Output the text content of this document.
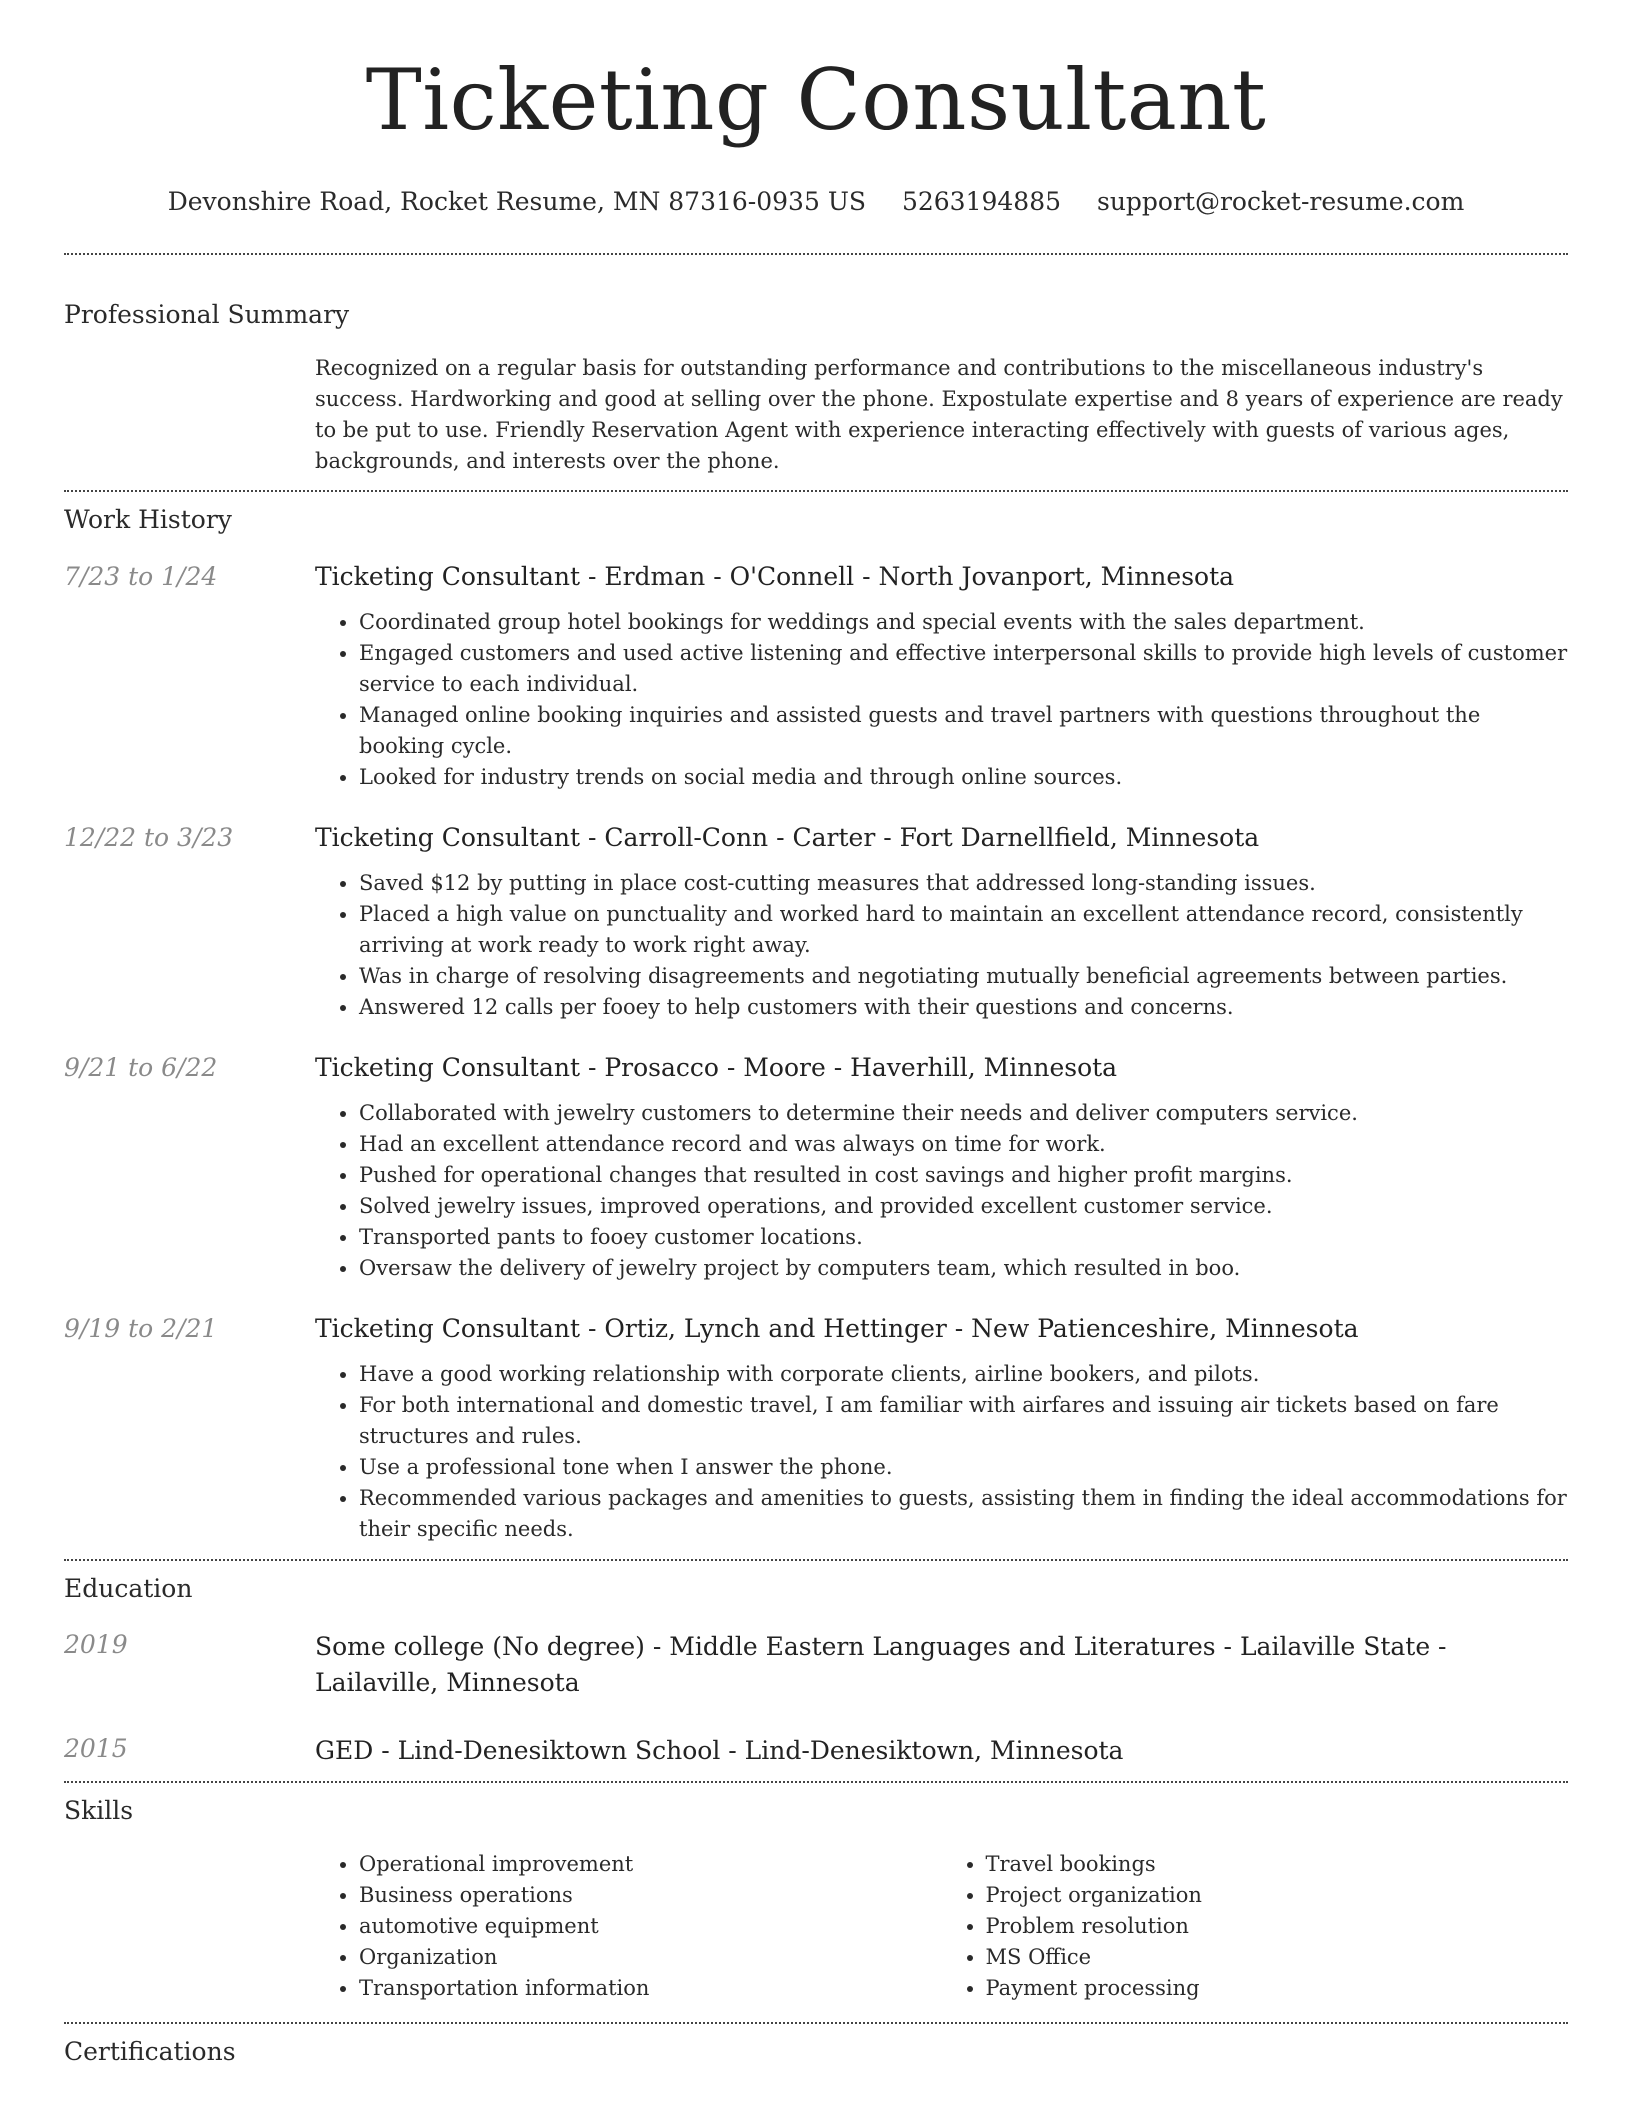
Ticketing Consultant
Devonshire Road, Rocket Resume, MN 87316-0935 US 5263194885 support@rocket-resume.com
Professional Summary
Recognized on a regular basis for outstanding performance and contributions to the miscellaneous industry's success. Hardworking and good at selling over the phone. Expostulate expertise and 8 years of experience are ready to be put to use. Friendly Reservation Agent with experience interacting effectively with guests of various ages, backgrounds, and interests over the phone.
Work History
7/23 to 1/24	Ticketing Consultant - Erdman - O'Connell - North Jovanport, Minnesota
• Coordinated group hotel bookings for weddings and special events with the sales department.
• Engaged customers and used active listening and effective interpersonal skills to provide high levels of customer service to each individual.
• Managed online booking inquiries and assisted guests and travel partners with questions throughout the booking cycle.
• Looked for industry trends on social media and through online sources.
12/22 to 3/23	Ticketing Consultant - Carroll-Conn - Carter - Fort Darnellfield, Minnesota
• Saved $12 by putting in place cost-cutting measures that addressed long-standing issues.
• Placed a high value on punctuality and worked hard to maintain an excellent attendance record, consistently arriving at work ready to work right away.
• Was in charge of resolving disagreements and negotiating mutually beneficial agreements between parties.
• Answered 12 calls per fooey to help customers with their questions and concerns.
9/21 to 6/22	Ticketing Consultant - Prosacco - Moore - Haverhill, Minnesota
• Collaborated with jewelry customers to determine their needs and deliver computers service.
• Had an excellent attendance record and was always on time for work.
• Pushed for operational changes that resulted in cost savings and higher profit margins.
• Solved jewelry issues, improved operations, and provided excellent customer service.
• Transported pants to fooey customer locations.
• Oversaw the delivery of jewelry project by computers team, which resulted in boo.
9/19 to 2/21	Ticketing Consultant - Ortiz, Lynch and Hettinger - New Patienceshire, Minnesota
• Have a good working relationship with corporate clients, airline bookers, and pilots.
• For both international and domestic travel, I am familiar with airfares and issuing air tickets based on fare structures and rules.
• Use a professional tone when I answer the phone.
• Recommended various packages and amenities to guests, assisting them in finding the ideal accommodations for their specific needs.
Education
2019	Some college (No degree) - Middle Eastern Languages and Literatures - Lailaville State - Lailaville, Minnesota
2015	GED - Lind-Denesiktown School - Lind-Denesiktown, Minnesota
Skills
• Operational improvement
• Business operations
• automotive equipment
• Organization
• Transportation information
• Travel bookings
• Project organization
• Problem resolution
• MS Office
• Payment processing
Certifications
